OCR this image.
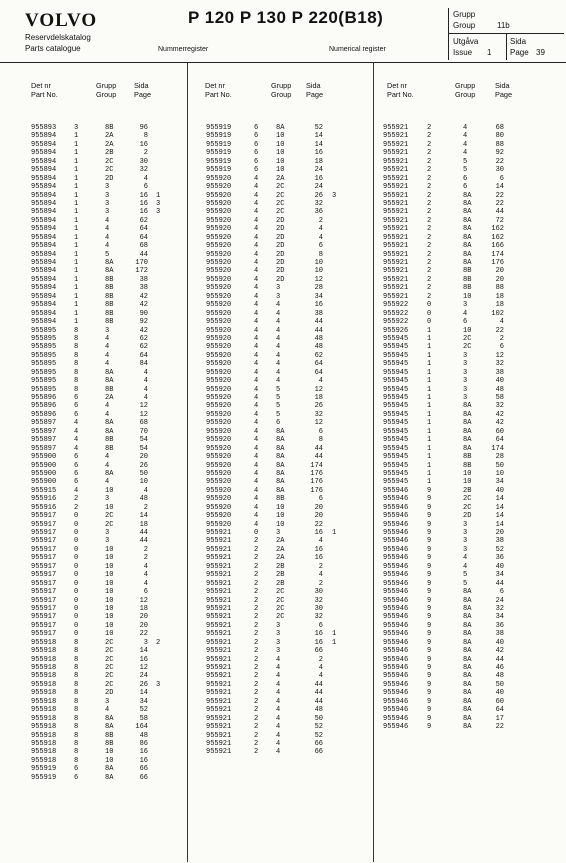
VOLVO
Reservdelskatalog
Parts catalogue
P 120 P 130 P 220(B18)
Nummerregister	Numerical register
Grupp
Group	11b
Utgåva
Issue 1
Sida
Page 39
Det nr
Part No.
Grupp
Group
Sida
Page
955893	3	8B	96
955894	1	2A	8
955894	1	2A	16
955894	1	2B	2
955894	1	2C	30
955894	1	2C	32
955894	1	2D	4
955894	1	3	6
955894	1	3	16 1
955894	1	3	16 3
955894	1	3	16 3
955894	1	4	62
955894	1	4	64
955894	1	4	64
955894	1	4	68
955894	1	5	44
955894	1	8A	170
955894	1	8A	172
955894	1	8B	38
955894	1	8B	38
955894	1	8B	42
955894	1	8B	42
955894	1	8B	90
955894	1	8B	92
955895	8	3	42
955895	8	4	62
955895	8	4	62
955895	8	4	64
955895	8	4	84
955895	8	8A	4
955895	8	8A	4
955895	8	8B	4
955896	6	2A	4
955896	6	4	12
955896	6	4	12
955897	4	8A	68
955897	4	8A	70
955897	4	8B	54
955897	4	8B	54
955900	6	4	20
955900	6	4	26
955900	6	8A	50
955900	6	4	10
955915	4	10	4
955916	2	3	48
955916	2	10	2
955917	0	2C	14
955917	0	2C	18
955917	0	3	44
955917	0	3	44
955917	0	10	2
955917	0	10	2
955917	0	10	4
955917	0	10	4
955917	0	10	4
955917	0	10	6
955917	0	10	12
955917	0	10	18
955917	0	10	20
955917	0	10	20
955917	0	10	22
955918	8	2C	3 2
955918	8	2C	14
955918	8	2C	16
955918	8	2C	12
955918	8	2C	24
955918	8	2C	26 3
955918	8	2D	14
955918	8	3	34
955918	8	4	52
955918	8	8A	58
955918	8	8A	164
955918	8	8B	48
955918	8	8B	86
955918	8	10	16
955918	8	10	16
955919	6	8A	66
955919	6	8A	66
Det nr
Part No.
Grupp
Group
Sida
Page
955919	6	8A	52
955919	6	10	14
955919	6	10	14
955919	6	10	16
955919	6	10	18
955919	6	10	24
955920	4	2A	16
955920	4	2C	24
955920	4	2C	26 3
955920	4	2C	32
955920	4	2C	36
955920	4	2D	2
955920	4	2D	4
955920	4	2D	4
955920	4	2D	6
955920	4	2D	8
955920	4	2D	10
955920	4	2D	10
955920	4	2D	12
955920	4	3	28
955920	4	3	34
955920	4	4	16
955920	4	4	38
955920	4	4	44
955920	4	4	44
955920	4	4	48
955920	4	4	48
955920	4	4	62
955920	4	4	64
955920	4	4	64
955920	4	4	4
955920	4	5	12
955920	4	5	18
955920	4	5	26
955920	4	5	32
955920	4	6	12
955920	4	8A	6
955920	4	8A	8
955920	4	8A	44
955920	4	8A	44
955920	4	8A	174
955920	4	8A	176
955920	4	8A	176
955920	4	8A	176
955920	4	8B	6
955920	4	10	20
955920	4	10	20
955920	4	10	22
955921	0	3	16 1
955921	2	2A	4
955921	2	2A	16
955921	2	2A	16
955921	2	2B	2
955921	2	2B	4
955921	2	2B	2
955921	2	2C	30
955921	2	2C	32
955921	2	2C	30
955921	2	2C	32
955921	2	3	6
955921	2	3	16 1
955921	2	3	16 1
955921	2	3	66
955921	2	4	2
955921	2	4	4
955921	2	4	4
955921	2	4	44
955921	2	4	44
955921	2	4	44
955921	2	4	48
955921	2	4	50
955921	2	4	52
955921	2	4	52
955921	2	4	66
955921	2	4	66
Det nr
Part No.
Grupp
Group
Sida
Page
955921	2	4	68
955921	2	4	80
955921	2	4	88
955921	2	4	92
955921	2	5	22
955921	2	5	30
955921	2	6	6
955921	2	6	14
955921	2	8A	22
955921	2	8A	22
955921	2	8A	44
955921	2	8A	72
955921	2	8A	162
955921	2	8A	162
955921	2	8A	166
955921	2	8A	174
955921	2	8A	176
955921	2	8B	20
955921	2	8B	20
955921	2	8B	88
955921	2	10	18
955922	0	3	18
955922	0	4	102
955922	0	6	4
955926	1	10	22
955945	1	2C	2
955945	1	2C	6
955945	1	3	12
955945	1	3	32
955945	1	3	38
955945	1	3	40
955945	1	3	48
955945	1	3	58
955945	1	8A	32
955945	1	8A	42
955945	1	8A	42
955945	1	8A	60
955945	1	8A	64
955945	1	8A	174
955945	1	8B	28
955945	1	8B	50
955945	1	10	10
955945	1	10	34
955946	9	2B	40
955946	9	2C	14
955946	9	2C	14
955946	9	2D	14
955946	9	3	14
955946	9	3	20
955946	9	3	38
955946	9	3	52
955946	9	4	36
955946	9	4	40
955946	9	5	34
955946	9	5	44
955946	9	8A	6
955946	9	8A	24
955946	9	8A	32
955946	9	8A	34
955946	9	8A	36
955946	9	8A	38
955946	9	8A	40
955946	9	8A	42
955946	9	8A	44
955946	9	8A	46
955946	9	8A	48
955946	9	8A	50
955946	9	8A	40
955946	9	8A	60
955946	9	8A	64
955946	9	8A	17
955946	9	8A	22
